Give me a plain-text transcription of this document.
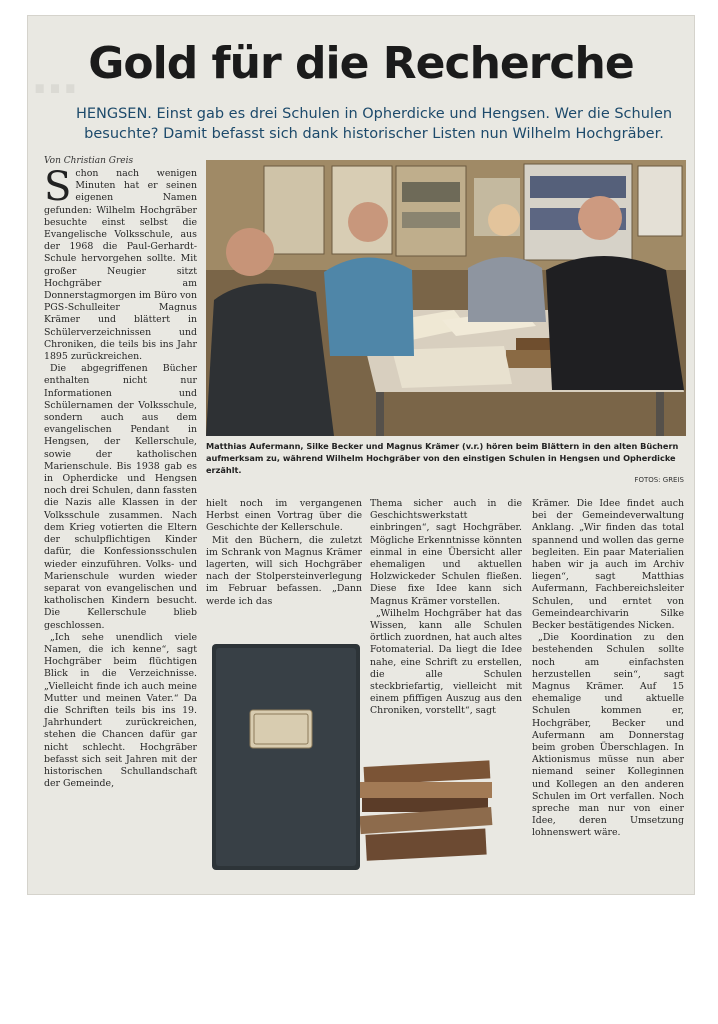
… Gold für die Recherche
HENGSEN. Einst gab es drei Schulen in Opherdicke und Hengsen. Wer die Schulen besuchte? Damit befasst sich dank historischer Listen nun Wilhelm Hochgräber.
Von Christian Greis
Matthias Aufermann, Silke Becker und Magnus Krämer (v.r.) hören beim Blättern in den alten Büchern aufmerksam zu, während Wilhelm Hochgräber von den einstigen Schulen in Hengsen und Opherdicke erzählt.
FOTOS: GREIS
S chon nach wenigen Minuten hat er seinen eigenen Namen gefunden: Wilhelm Hochgräber besuchte einst selbst die Evangelische Volksschule, aus der 1968 die Paul-Gerhardt-Schule hervorgehen sollte. Mit großer Neugier sitzt Hochgräber am Donnerstagmorgen im Büro von PGS-Schulleiter Magnus Krämer und blättert in Schülerverzeichnissen und Chroniken, die teils bis ins Jahr 1895 zurückreichen.

Die abgegriffenen Bücher enthalten nicht nur Informationen und Schülernamen der Volksschule, sondern auch aus dem evangelischen Pendant in Hengsen, der Kellerschule, sowie der katholischen Marienschule. Bis 1938 gab es in Opherdicke und Hengsen noch drei Schulen, dann fassten die Nazis alle Klassen in der Volksschule zusammen. Nach dem Krieg votierten die Eltern der schulpflichtigen Kinder dafür, die Konfessionsschulen wieder einzuführen. Volks- und Marienschule wurden wieder separat von evangelischen und katholischen Kindern besucht. Die Kellerschule blieb geschlossen.

„Ich sehe unendlich viele Namen, die ich kenne“, sagt Hochgräber beim flüchtigen Blick in die Verzeichnisse. „Vielleicht finde ich auch meine Mutter und meinen Vater.“ Da die Schriften teils bis ins 19. Jahrhundert zurückreichen, stehen die Chancen dafür gar nicht schlecht. Hochgräber befasst sich seit Jahren mit der historischen Schullandschaft der Gemeinde,

hielt noch im vergangenen Herbst einen Vortrag über die Geschichte der Kellerschule.

Mit den Büchern, die zuletzt im Schrank von Magnus Krämer lagerten, will sich Hochgräber nach der Stolpersteinverlegung im Februar befassen. „Dann werde ich das

Thema sicher auch in die Geschichtswerkstatt einbringen“, sagt Hochgräber. Mögliche Erkenntnisse könnten einmal in eine Übersicht aller ehemaligen und aktuellen Holzwickeder Schulen fließen. Diese fixe Idee kann sich Magnus Krämer vorstellen.

„Wilhelm Hochgräber hat das Wissen, kann alle Schulen örtlich zuordnen, hat auch altes Fotomaterial. Da liegt die Idee nahe, eine Schrift zu erstellen, die alle Schulen steckbriefartig, vielleicht mit einem pfiffigen Auszug aus den Chroniken, vorstellt“, sagt

Krämer. Die Idee findet auch bei der Gemeindeverwaltung Anklang. „Wir finden das total spannend und wollen das gerne begleiten. Ein paar Materialien haben wir ja auch im Archiv liegen“, sagt Matthias Aufermann, Fachbereichsleiter Schulen, und erntet von Gemeindearchivarin Silke Becker bestätigendes Nicken.

„Die Koordination zu den bestehenden Schulen sollte noch am einfachsten herzustellen sein“, sagt Magnus Krämer. Auf 15 ehemalige und aktuelle Schulen kommen er, Hochgräber, Becker und Aufermann am Donnerstag beim groben Überschlagen. In Aktionismus müsse nun aber niemand seiner Kolleginnen und Kollegen an den anderen Schulen im Ort verfallen. Noch spreche man nur von einer Idee, deren Umsetzung lohnenswert wäre.
